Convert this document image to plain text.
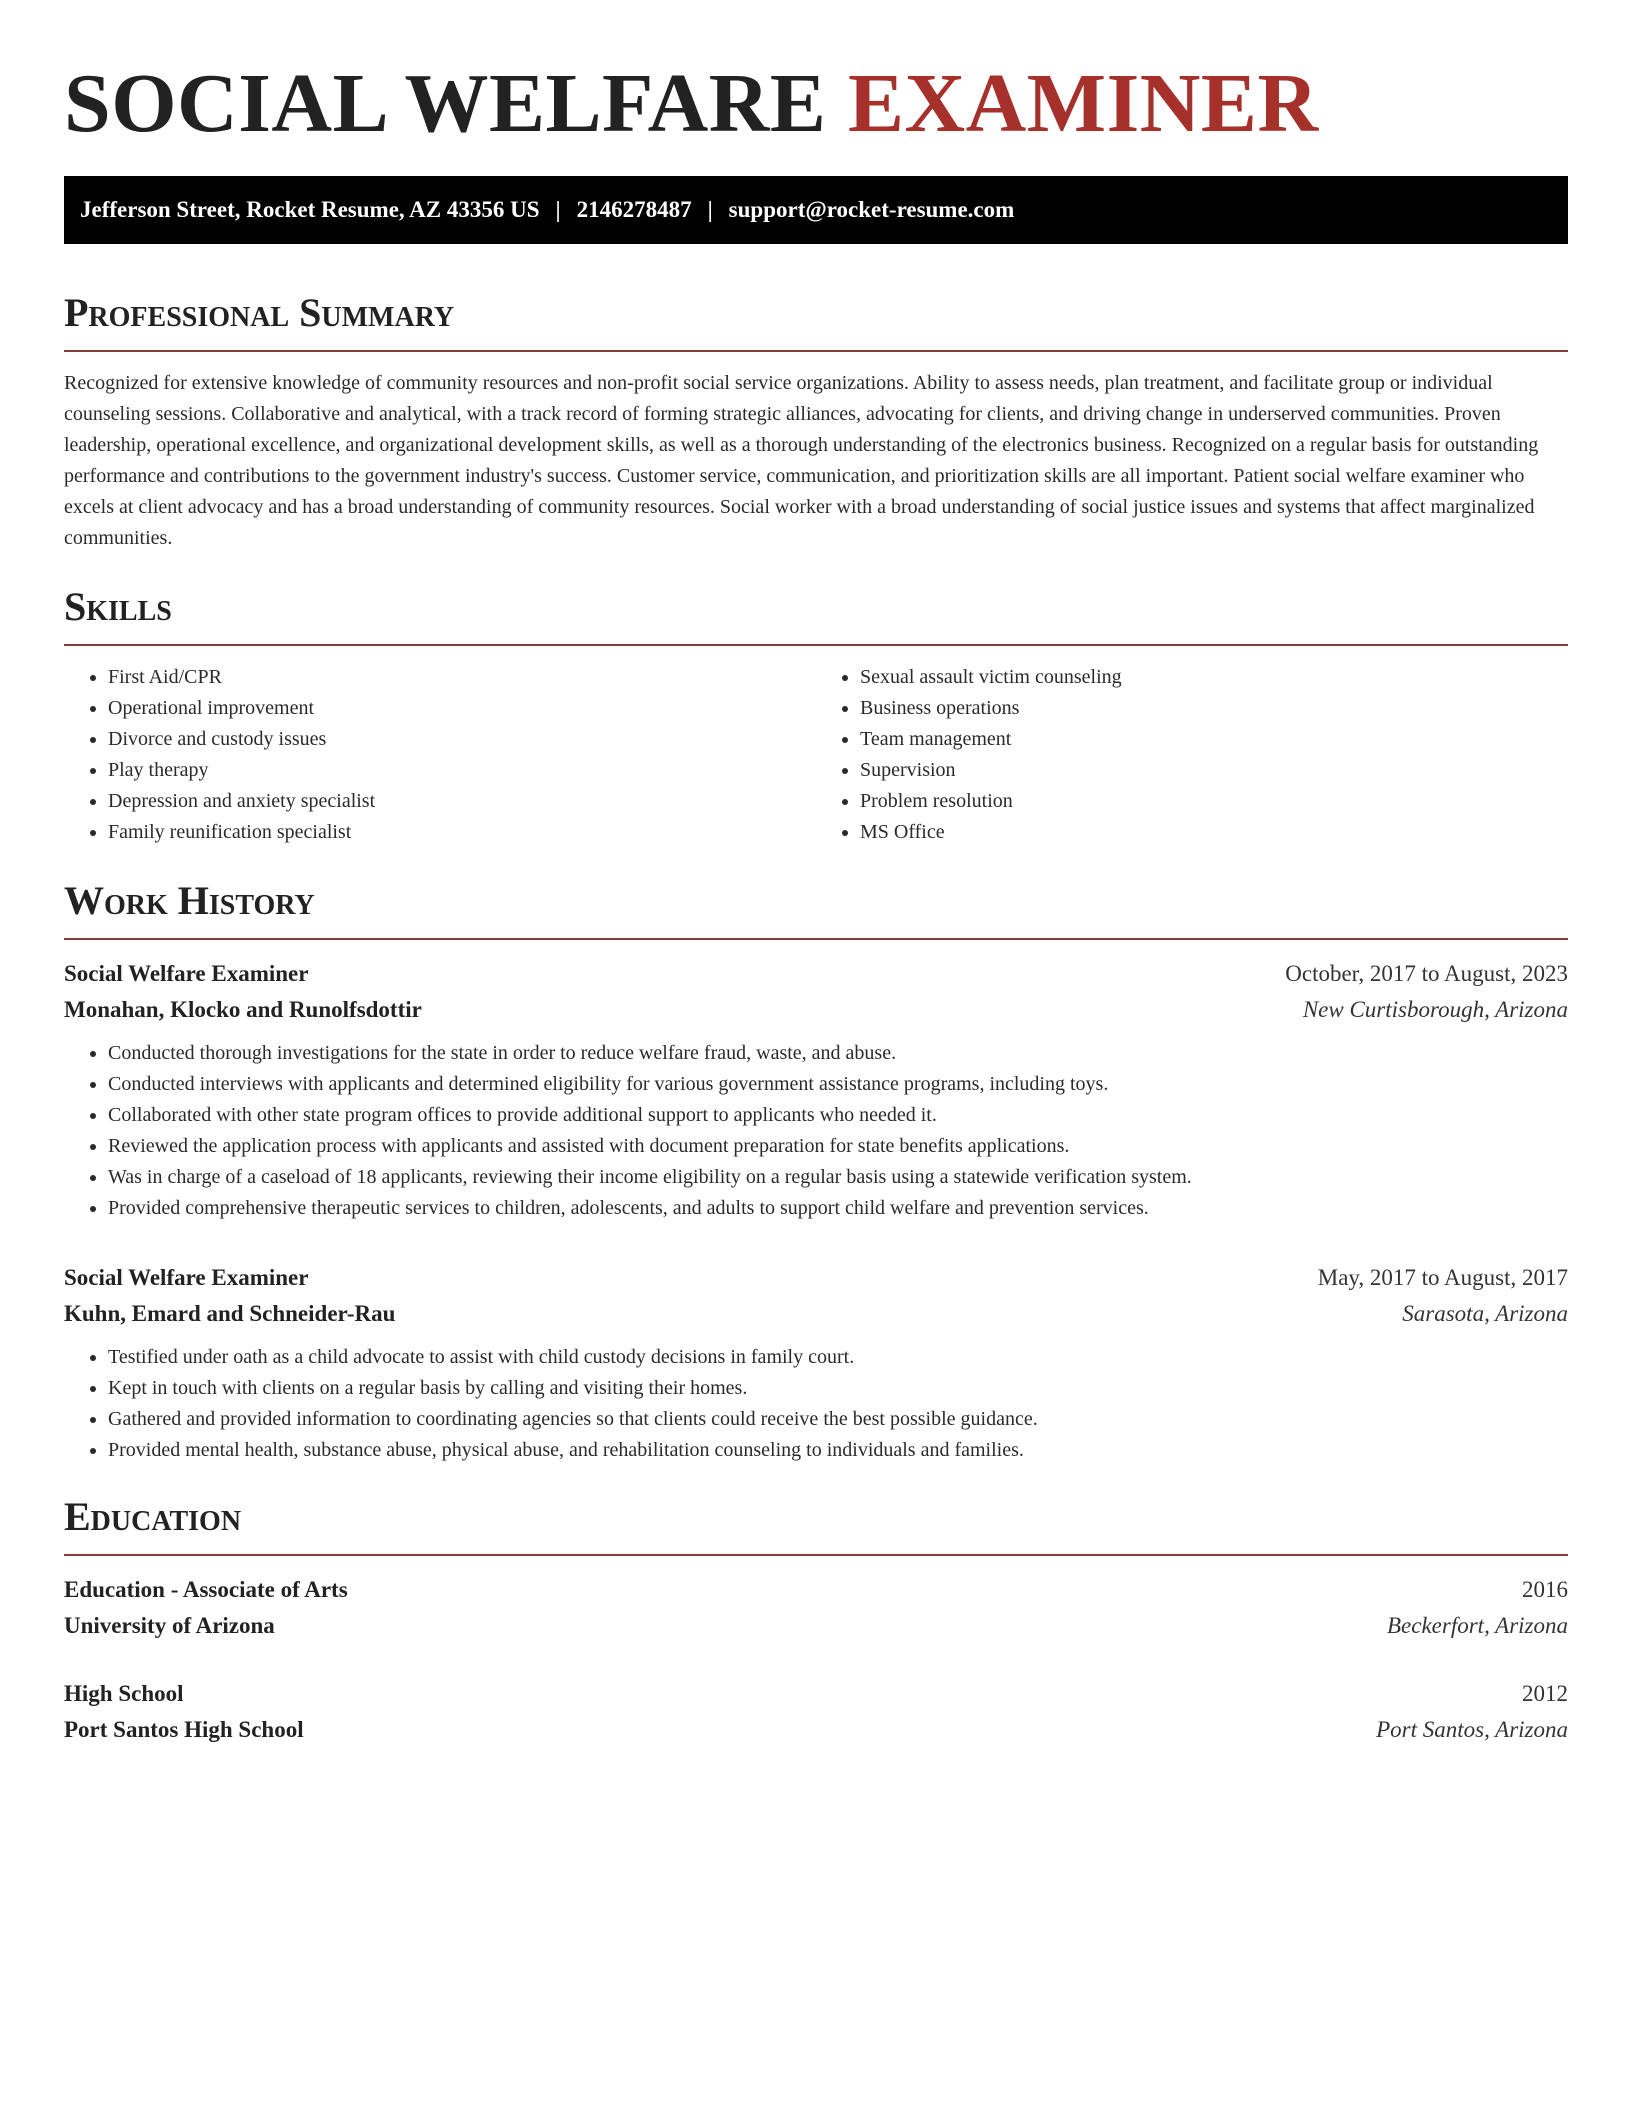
SOCIAL WELFARE EXAMINER
Jefferson Street, Rocket Resume, AZ 43356 US | 2146278487 | support@rocket-resume.com
Professional Summary

Recognized for extensive knowledge of community resources and non-profit social service organizations. Ability to assess needs, plan treatment, and facilitate group or individual counseling sessions. Collaborative and analytical, with a track record of forming strategic alliances, advocating for clients, and driving change in underserved communities. Proven leadership, operational excellence, and organizational development skills, as well as a thorough understanding of the electronics business. Recognized on a regular basis for outstanding performance and contributions to the government industry's success. Customer service, communication, and prioritization skills are all important. Patient social welfare examiner who excels at client advocacy and has a broad understanding of community resources. Social worker with a broad understanding of social justice issues and systems that affect marginalized communities.

Skills
• First Aid/CPR
• Operational improvement
• Divorce and custody issues
• Play therapy
• Depression and anxiety specialist
• Family reunification specialist
• Sexual assault victim counseling
• Business operations
• Team management
• Supervision
• Problem resolution
• MS Office
Work History
Social Welfare Examiner	October, 2017 to August, 2023
Monahan, Klocko and Runolfsdottir	New Curtisborough, Arizona
• Conducted thorough investigations for the state in order to reduce welfare fraud, waste, and abuse.
• Conducted interviews with applicants and determined eligibility for various government assistance programs, including toys.
• Collaborated with other state program offices to provide additional support to applicants who needed it.
• Reviewed the application process with applicants and assisted with document preparation for state benefits applications.
• Was in charge of a caseload of 18 applicants, reviewing their income eligibility on a regular basis using a statewide verification system.
• Provided comprehensive therapeutic services to children, adolescents, and adults to support child welfare and prevention services.
Social Welfare Examiner	May, 2017 to August, 2017
Kuhn, Emard and Schneider-Rau	Sarasota, Arizona
• Testified under oath as a child advocate to assist with child custody decisions in family court.
• Kept in touch with clients on a regular basis by calling and visiting their homes.
• Gathered and provided information to coordinating agencies so that clients could receive the best possible guidance.
• Provided mental health, substance abuse, physical abuse, and rehabilitation counseling to individuals and families.
Education
Education - Associate of Arts	2016
University of Arizona	Beckerfort, Arizona
High School	2012
Port Santos High School	Port Santos, Arizona
